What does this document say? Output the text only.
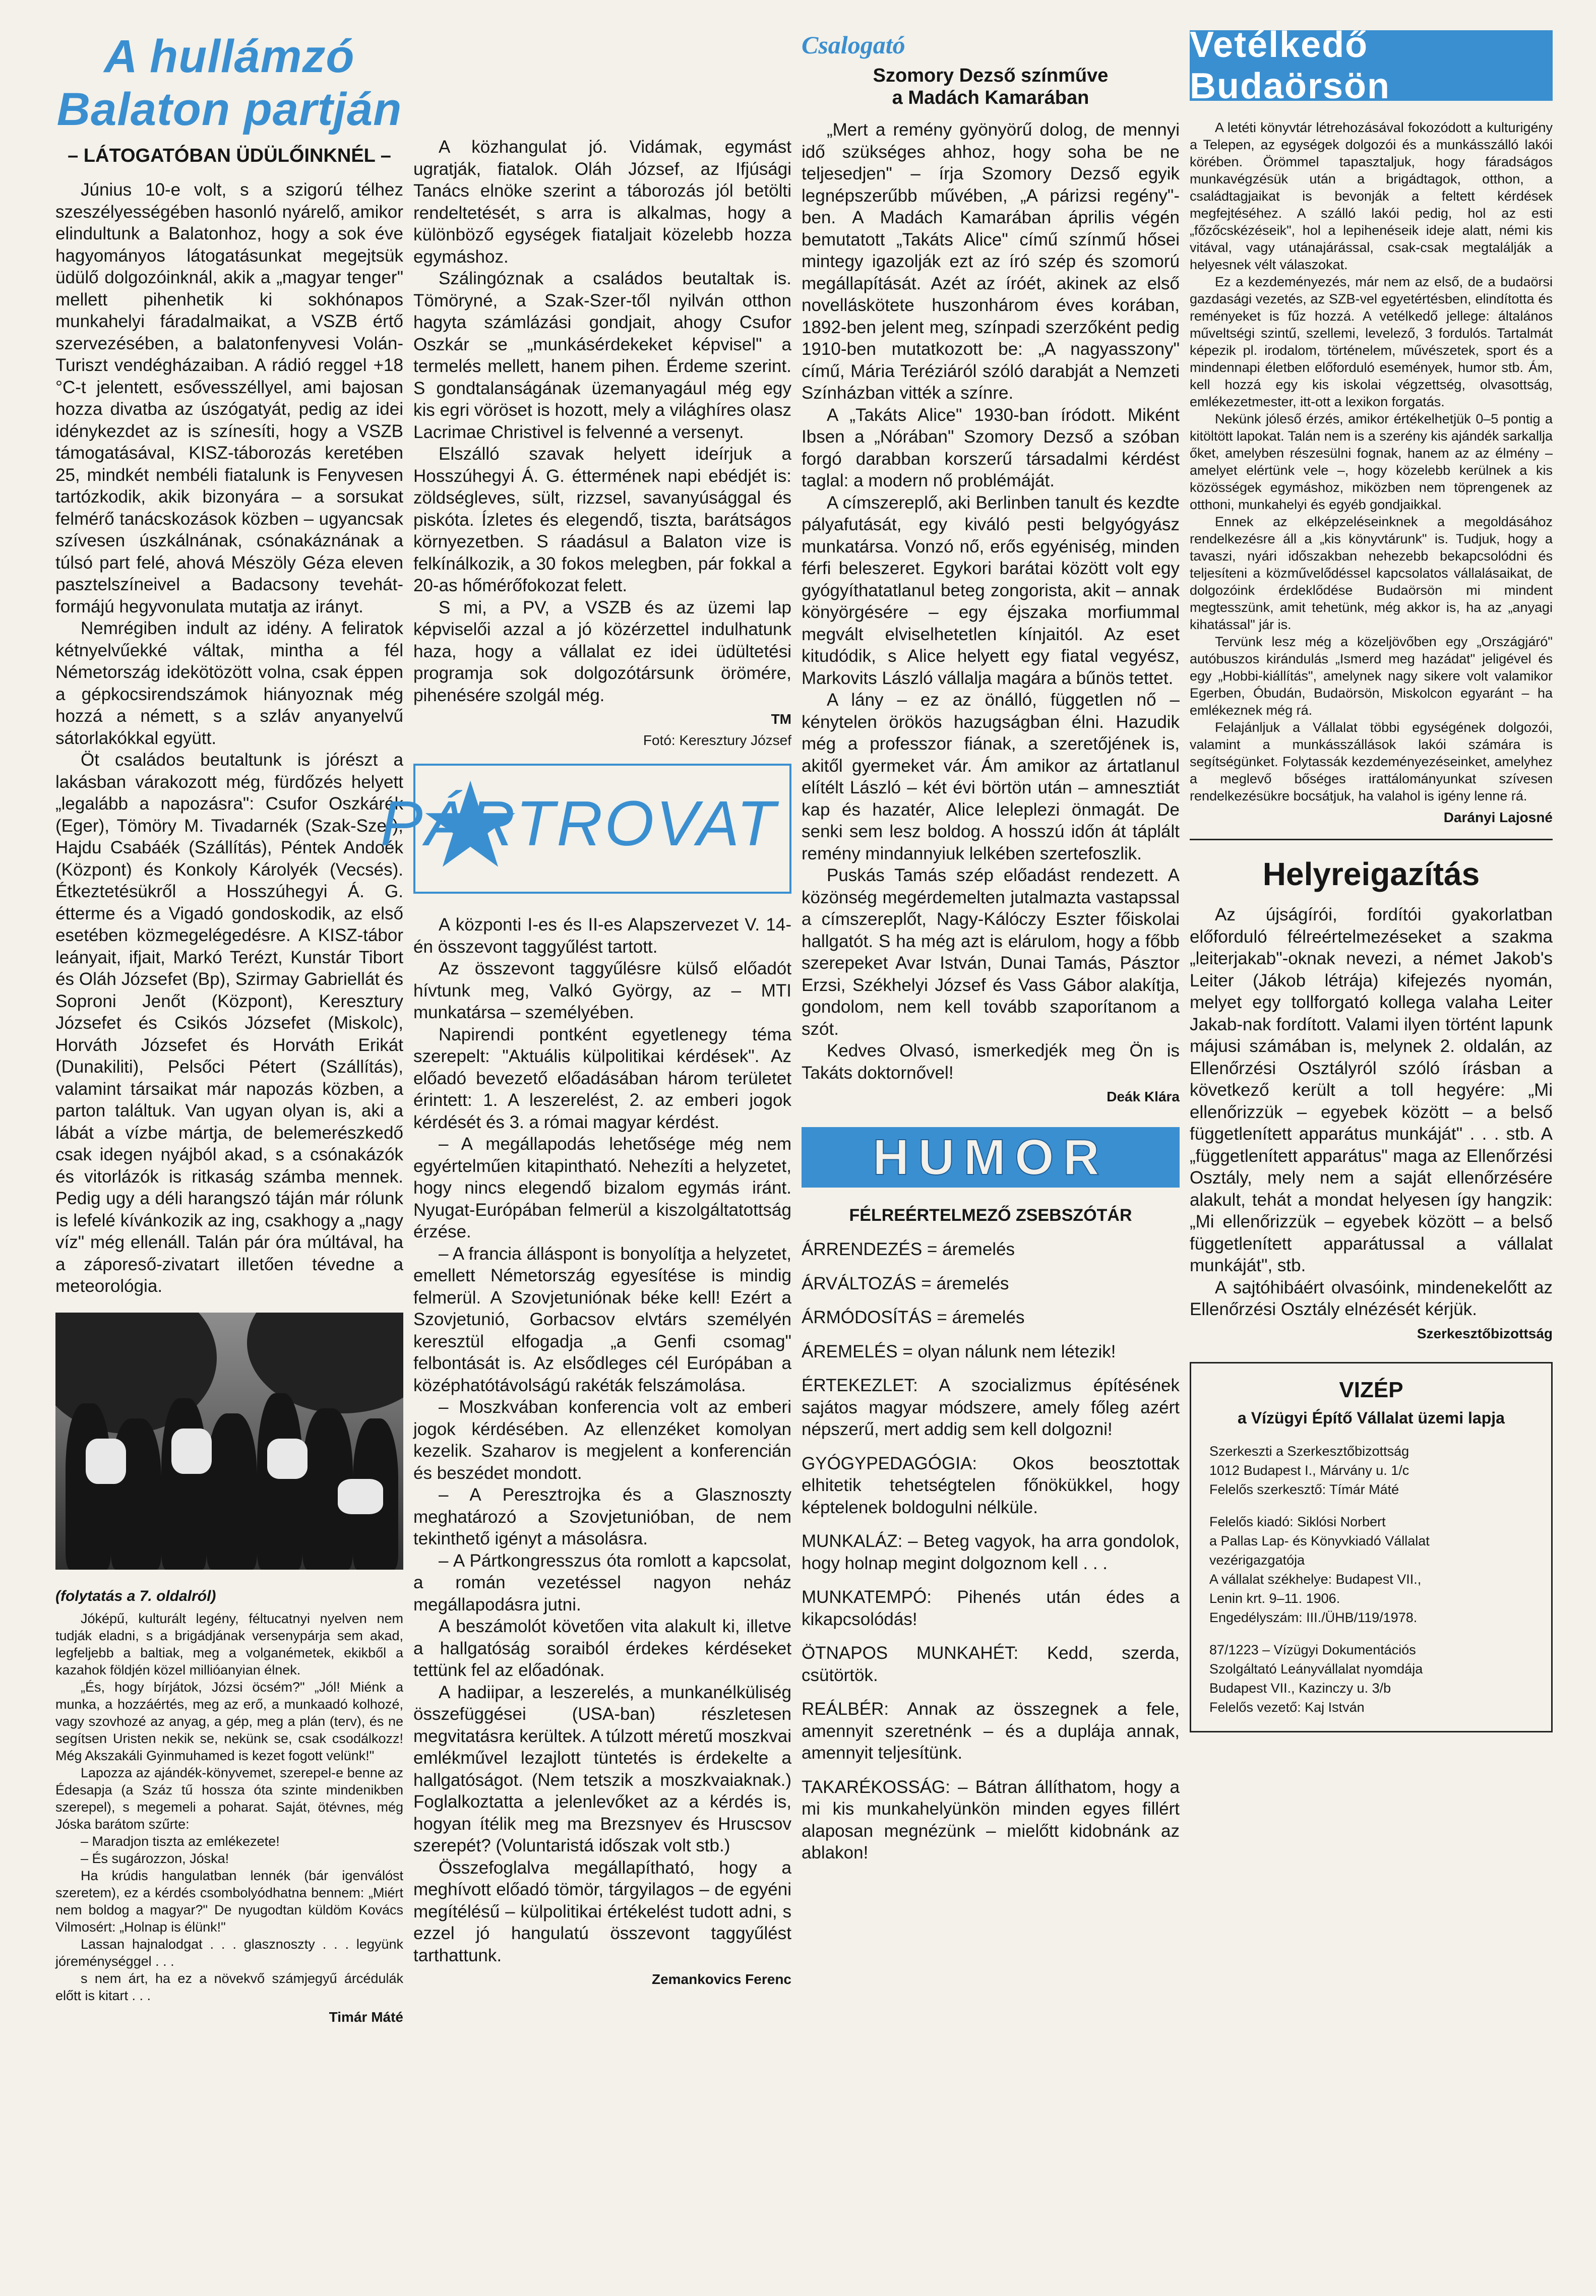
A hullámzó Balaton partján
– LÁTOGATÓBAN ÜDÜLŐINKNÉL –

Június 10-e volt, s a szigorú télhez szeszélyességében hasonló nyárelő, amikor elindultunk a Balatonhoz, hogy a sok éve hagyományos látogatásunkat megejtsük üdülő dolgozóinknál, akik a „magyar tenger" mellett pihenhetik ki sokhónapos munkahelyi fáradalmaikat, a VSZB értő szervezésében, a balatonfenyvesi Volán-Turiszt vendégházaiban. A rádió reggel +18 °C-t jelentett, esővesszéllyel, ami bajosan hozza divatba az úszógatyát, pedig az idei idénykezdet az is színesíti, hogy a VSZB támogatásával, KISZ-táborozás keretében 25, mindkét nembéli fiatalunk is Fenyvesen tartózkodik, akik bizonyára – a sorsukat felmérő tanácskozások közben – ugyancsak szívesen úszkálnának, csónakáznának a túlsó part felé, ahová Mészöly Géza eleven pasztelszíneivel a Badacsony tevehát-formájú hegyvonulata mutatja az irányt.

Nemrégiben indult az idény. A feliratok kétnyelvűekké váltak, mintha a fél Németország idekötözött volna, csak éppen a gépkocsirendszámok hiányoznak még hozzá a némett, s a szláv anyanyelvű sátorlakókkal együtt.

Öt családos beutaltunk is jórészt a lakásban várakozott még, fürdőzés helyett „legalább a napozásra": Csufor Oszkárék (Eger), Tömöry M. Tivadarnék (Szak-Szer), Hajdu Csabáék (Szállítás), Péntek Andoék (Központ) és Konkoly Károlyék (Vecsés). Étkeztetésükről a Hosszúhegyi Á. G. étterme és a Vigadó gondoskodik, az első esetében közmegelégedésre. A KISZ-tábor leányait, ifjait, Markó Terézt, Kunstár Tibort és Oláh Józsefet (Bp), Szirmay Gabriellát és Soproni Jenőt (Központ), Keresztury Józsefet és Csikós Józsefet (Miskolc), Horváth Józsefet és Horváth Erikát (Dunakiliti), Pelsőci Pétert (Szállítás), valamint társaikat már napozás közben, a parton találtuk. Van ugyan olyan is, aki a lábát a vízbe mártja, de belemerészkedő csak idegen nyájból akad, s a csónakázók és vitorlázók is ritkaság számba mennek. Pedig ugy a déli harangszó táján már rólunk is lefelé kívánkozik az ing, csakhogy a „nagy víz" még ellenáll. Talán pár óra múltával, ha a záporeső-zivatart illetően tévedne a meteorológia.

(folytatás a 7. oldalról)

Jóképű, kulturált legény, féltucatnyi nyelven nem tudják eladni, s a brigádjának versenypárja sem akad, legfeljebb a baltiak, meg a volganémetek, ekikből a kazahok földjén közel millióanyian élnek.

„És, hogy bírjátok, Józsi öcsém?" „Jól! Miénk a munka, a hozzáértés, meg az erő, a munkaadó kolhozé, vagy szovhozé az anyag, a gép, meg a plán (terv), és ne segítsen Uristen nekik se, nekünk se, csak csodálkozz! Még Akszakáli Gyinmuhamed is kezet fogott velünk!"

Lapozza az ajándék-könyvemet, szerepel-e benne az Édesapja (a Száz tű hossza óta szinte mindenikben szerepel), s megemeli a poharat. Saját, ötévnes, még Jóska barátom szűrte:

– Maradjon tiszta az emlékezete!

– És sugározzon, Jóska!

Ha krúdis hangulatban lennék (bár igenválóst szeretem), ez a kérdés csombolyódhatna bennem: „Miért nem boldog a magyar?" De nyugodtan küldöm Kovács Vilmosért: „Holnap is élünk!"

Lassan hajnalodgat . . . glasznoszty . . . legyünk jóreménységgel . . .

s nem árt, ha ez a növekvő számjegyű árcédulák előtt is kitart . . .

Timár Máté

A közhangulat jó. Vidámak, egymást ugratják, fiatalok. Oláh József, az Ifjúsági Tanács elnöke szerint a táborozás jól betölti rendeltetését, s arra is alkalmas, hogy a különböző egységek fiataljait közelebb hozza egymáshoz.

Szálingóznak a családos beutaltak is. Tömöryné, a Szak-Szer-től nyilván otthon hagyta számlázási gondjait, ahogy Csufor Oszkár se „munkásérdekeket képvisel" a termelés mellett, hanem pihen. Érdeme szerint. S gondtalanságának üzemanyagául még egy kis egri vöröset is hozott, mely a világhíres olasz Lacrimae Christivel is felvenné a versenyt.

Elszálló szavak helyett ideírjuk a Hosszúhegyi Á. G. éttermének napi ebédjét is: zöldségleves, sült, rizzsel, savanyúsággal és piskóta. Ízletes és elegendő, tiszta, barátságos környezetben. S ráadásul a Balaton vize is felkínálkozik, a 30 fokos melegben, pár fokkal a 20-as hőmérőfokozat felett.

S mi, a PV, a VSZB és az üzemi lap képviselői azzal a jó közérzettel indulhatunk haza, hogy a vállalat ez idei üdültetési programja sok dolgozótársunk örömére, pihenésére szolgál még.

TM
Fotó: Keresztury József
PÁRTROVAT

A központi I-es és II-es Alapszervezet V. 14-én összevont taggyűlést tartott.

Az összevont taggyűlésre külső előadót hívtunk meg, Valkó György, az – MTI munkatársa – személyében.

Napirendi pontként egyetlenegy téma szerepelt: "Aktuális külpolitikai kérdések". Az előadó bevezető előadásában három területet érintett: 1. A leszerelést, 2. az emberi jogok kérdését és 3. a római magyar kérdést.

– A megállapodás lehetősége még nem egyértelműen kitapintható. Nehezíti a helyzetet, hogy nincs elegendő bizalom egymás iránt. Nyugat-Európában felmerül a kiszolgáltatottság érzése.

– A francia álláspont is bonyolítja a helyzetet, emellett Németország egyesítése is mindig felmerül. A Szovjetuniónak béke kell! Ezért a Szovjetunió, Gorbacsov elvtárs személyén keresztül elfogadja „a Genfi csomag" felbontását is. Az elsődleges cél Európában a középhatótávolságú rakéták felszámolása.

– Moszkvában konferencia volt az emberi jogok kérdésében. Az ellenzéket komolyan kezelik. Szaharov is megjelent a konferencián és beszédet mondott.

– A Peresztrojka és a Glasznoszty meghatározó a Szovjetunióban, de nem tekinthető igényt a másolásra.

– A Pártkongresszus óta romlott a kapcsolat, a román vezetéssel nagyon neház megállapodásra jutni.

A beszámolót követően vita alakult ki, illetve a hallgatóság soraiból érdekes kérdéseket tettünk fel az előadónak.

A hadiipar, a leszerelés, a munkanélküliség összefüggései (USA-ban) részletesen megvitatásra kerültek. A túlzott méretű moszkvai emlékművel lezajlott tüntetés is érdekelte a hallgatóságot. (Nem tetszik a moszkvaiaknak.) Foglalkoztatta a jelenlevőket az a kérdés is, hogyan ítélik meg ma Brezsnyev és Hruscsov szerepét? (Voluntaristá időszak volt stb.)

Összefoglalva megállapítható, hogy a meghívott előadó tömör, tárgyilagos – de egyéni megítélésű – külpolitikai értékelést tudott adni, s ezzel jó hangulatú összevont taggyűlést tarthattunk.

Zemankovics Ferenc
Csalogató
Szomory Dezső színműve
a Madách Kamarában

„Mert a remény gyönyörű dolog, de mennyi idő szükséges ahhoz, hogy soha be ne teljesedjen" – írja Szomory Dezső egyik legnépszerűbb művében, „A párizsi regény"-ben. A Madách Kamarában április végén bemutatott „Takáts Alice" című színmű hősei mintegy igazolják ezt az író szép és szomorú megállapítását. Azét az íróét, akinek az első novelláskötete huszonhárom éves korában, 1892-ben jelent meg, színpadi szerzőként pedig 1910-ben mutatkozott be: „A nagyasszony" című, Mária Teréziáról szóló darabját a Nemzeti Színházban vitték a színre.

A „Takáts Alice" 1930-ban íródott. Miként Ibsen a „Nórában" Szomory Dezső a szóban forgó darabban korszerű társadalmi kérdést taglal: a modern nő problémáját.

A címszereplő, aki Berlinben tanult és kezdte pályafutását, egy kiváló pesti belgyógyász munkatársa. Vonzó nő, erős egyéniség, minden férfi beleszeret. Egykori barátai között volt egy gyógyíthatatlanul beteg zongorista, akit – annak könyörgésére – egy éjszaka morfiummal megvált elviselhetetlen kínjaitól. Az eset kitudódik, s Alice helyett egy fiatal vegyész, Markovits László vállalja magára a bűnös tettet.

A lány – ez az önálló, független nő – kénytelen örökös hazugságban élni. Hazudik még a professzor fiának, a szeretőjének is, akitől gyermeket vár. Ám amikor az ártatlanul elítélt László – két évi börtön után – amnesztiát kap és hazatér, Alice leleplezi önmagát. De senki sem lesz boldog. A hosszú időn át táplált remény mindannyiuk lelkében szertefoszlik.

Puskás Tamás szép előadást rendezett. A közönség megérdemelten jutalmazta vastapssal a címszereplőt, Nagy-Kálóczy Eszter főiskolai hallgatót. S ha még azt is elárulom, hogy a főbb szerepeket Avar István, Dunai Tamás, Pásztor Erzsi, Székhelyi József és Vass Gábor alakítja, gondolom, nem kell tovább szaporítanom a szót.

Kedves Olvasó, ismerkedjék meg Ön is Takáts doktornővel!

Deák Klára
HUMOR
FÉLREÉRTELMEZŐ ZSEBSZÓTÁR
ÁRRENDEZÉS = áremelés
ÁRVÁLTOZÁS = áremelés
ÁRMÓDOSÍTÁS = áremelés
ÁREMELÉS = olyan nálunk nem létezik!
ÉRTEKEZLET: A szocializmus építésének sajátos magyar módszere, amely főleg azért népszerű, mert addig sem kell dolgozni!
GYÓGYPEDAGÓGIA: Okos beosztottak elhitetik tehetségtelen főnökükkel, hogy képtelenek boldogulni nélküle.
MUNKALÁZ: – Beteg vagyok, ha arra gondolok, hogy holnap megint dolgoznom kell . . .
MUNKATEMPÓ: Pihenés után édes a kikapcsolódás!
ÖTNAPOS MUNKAHÉT: Kedd, szerda, csütörtök.
REÁLBÉR: Annak az összegnek a fele, amennyit szeretnénk – és a duplája annak, amennyit teljesítünk.
TAKARÉKOSSÁG: – Bátran állíthatom, hogy a mi kis munkahelyünkön minden egyes fillért alaposan megnézünk – mielőtt kidobnánk az ablakon!
Vetélkedő Budaörsön

A letéti könyvtár létrehozásával fokozódott a kulturigény a Telepen, az egységek dolgozói és a munkásszálló lakói körében. Örömmel tapasztaljuk, hogy fáradságos munkavégzésük után a brigádtagok, otthon, a családtagjaikat is bevonják a feltett kérdések megfejtéséhez. A szálló lakói pedig, hol az esti „főzőcskézéseik", hol a lepihenéseik ideje alatt, némi kis vitával, vagy utánajárással, csak-csak megtalálják a helyesnek vélt válaszokat.

Ez a kezdeményezés, már nem az első, de a budaörsi gazdasági vezetés, az SZB-vel egyetértésben, elindította és reményeket is fűz hozzá. A vetélkedő jellege: általános műveltségi szintű, szellemi, levelező, 3 fordulós. Tartalmát képezik pl. irodalom, történelem, művészetek, sport és a mindennapi életben előforduló események, humor stb. Ám, kell hozzá egy kis iskolai végzettség, olvasottság, emlékezetmester, itt-ott a lexikon forgatás.

Nekünk jóleső érzés, amikor értékelhetjük 0–5 pontig a kitöltött lapokat. Talán nem is a szerény kis ajándék sarkallja őket, amelyben részesülni fognak, hanem az az élmény – amelyet elértünk vele –, hogy közelebb kerülnek a kis közösségek egymáshoz, miközben nem töprengenek az otthoni, munkahelyi és egyéb gondjaikkal.

Ennek az elképzeléseinknek a megoldásához rendelkezésre áll a „kis könyvtárunk" is. Tudjuk, hogy a tavaszi, nyári időszakban nehezebb bekapcsolódni és teljesíteni a közművelődéssel kapcsolatos vállalásaikat, de dolgozóink érdeklődése Budaörsön mi mindent megtesszünk, amit tehetünk, még akkor is, ha az „anyagi kihatással" jár is.

Tervünk lesz még a közeljövőben egy „Országjáró" autóbuszos kirándulás „Ismerd meg hazádat" jeligével és egy „Hobbi-kiállítás", amelynek nagy sikere volt valamikor Egerben, Óbudán, Budaörsön, Miskolcon egyaránt – ha emlékeznek még rá.

Felajánljuk a Vállalat többi egységének dolgozói, valamint a munkásszállások lakói számára is segítségünket. Folytassák kezdeményezéseinket, amelyhez a meglevő bőséges irattálományunkat szívesen rendelkezésükre bocsátjuk, ha valahol is igény lenne rá.

Darányi Lajosné
Helyreigazítás

Az újságírói, fordítói gyakorlatban előforduló félreértelmezéseket a szakma „leiterjakab"-oknak nevezi, a német Jakob's Leiter (Jákob létrája) kifejezés nyomán, melyet egy tollforgató kollega valaha Leiter Jakab-nak fordított. Valami ilyen történt lapunk májusi számában is, melynek 2. oldalán, az Ellenőrzési Osztályról szóló írásban a következő került a toll hegyére: „Mi ellenőrizzük – egyebek között – a belső függetlenített apparátus munkáját" . . . stb. A „függetlenített apparátus" maga az Ellenőrzési Osztály, mely nem a saját ellenőrzésére alakult, tehát a mondat helyesen így hangzik: „Mi ellenőrizzük – egyebek között – a belső függetlenített apparátussal a vállalat munkáját", stb.

A sajtóhibáért olvasóink, mindenekelőtt az Ellenőrzési Osztály elnézését kérjük.

Szerkesztőbizottság
VIZÉP
a Vízügyi Építő Vállalat üzemi lapja
Szerkeszti a Szerkesztőbizottság
1012 Budapest I., Márvány u. 1/c
Felelős szerkesztő: Tímár Máté
Felelős kiadó: Siklósi Norbert
a Pallas Lap- és Könyvkiadó Vállalat
vezérigazgatója
A vállalat székhelye: Budapest VII.,
Lenin krt. 9–11. 1906.
Engedélyszám: III./ÜHB/119/1978.
87/1223 – Vízügyi Dokumentációs
Szolgáltató Leányvállalat nyomdája
Budapest VII., Kazinczy u. 3/b
Felelős vezető: Kaj István
